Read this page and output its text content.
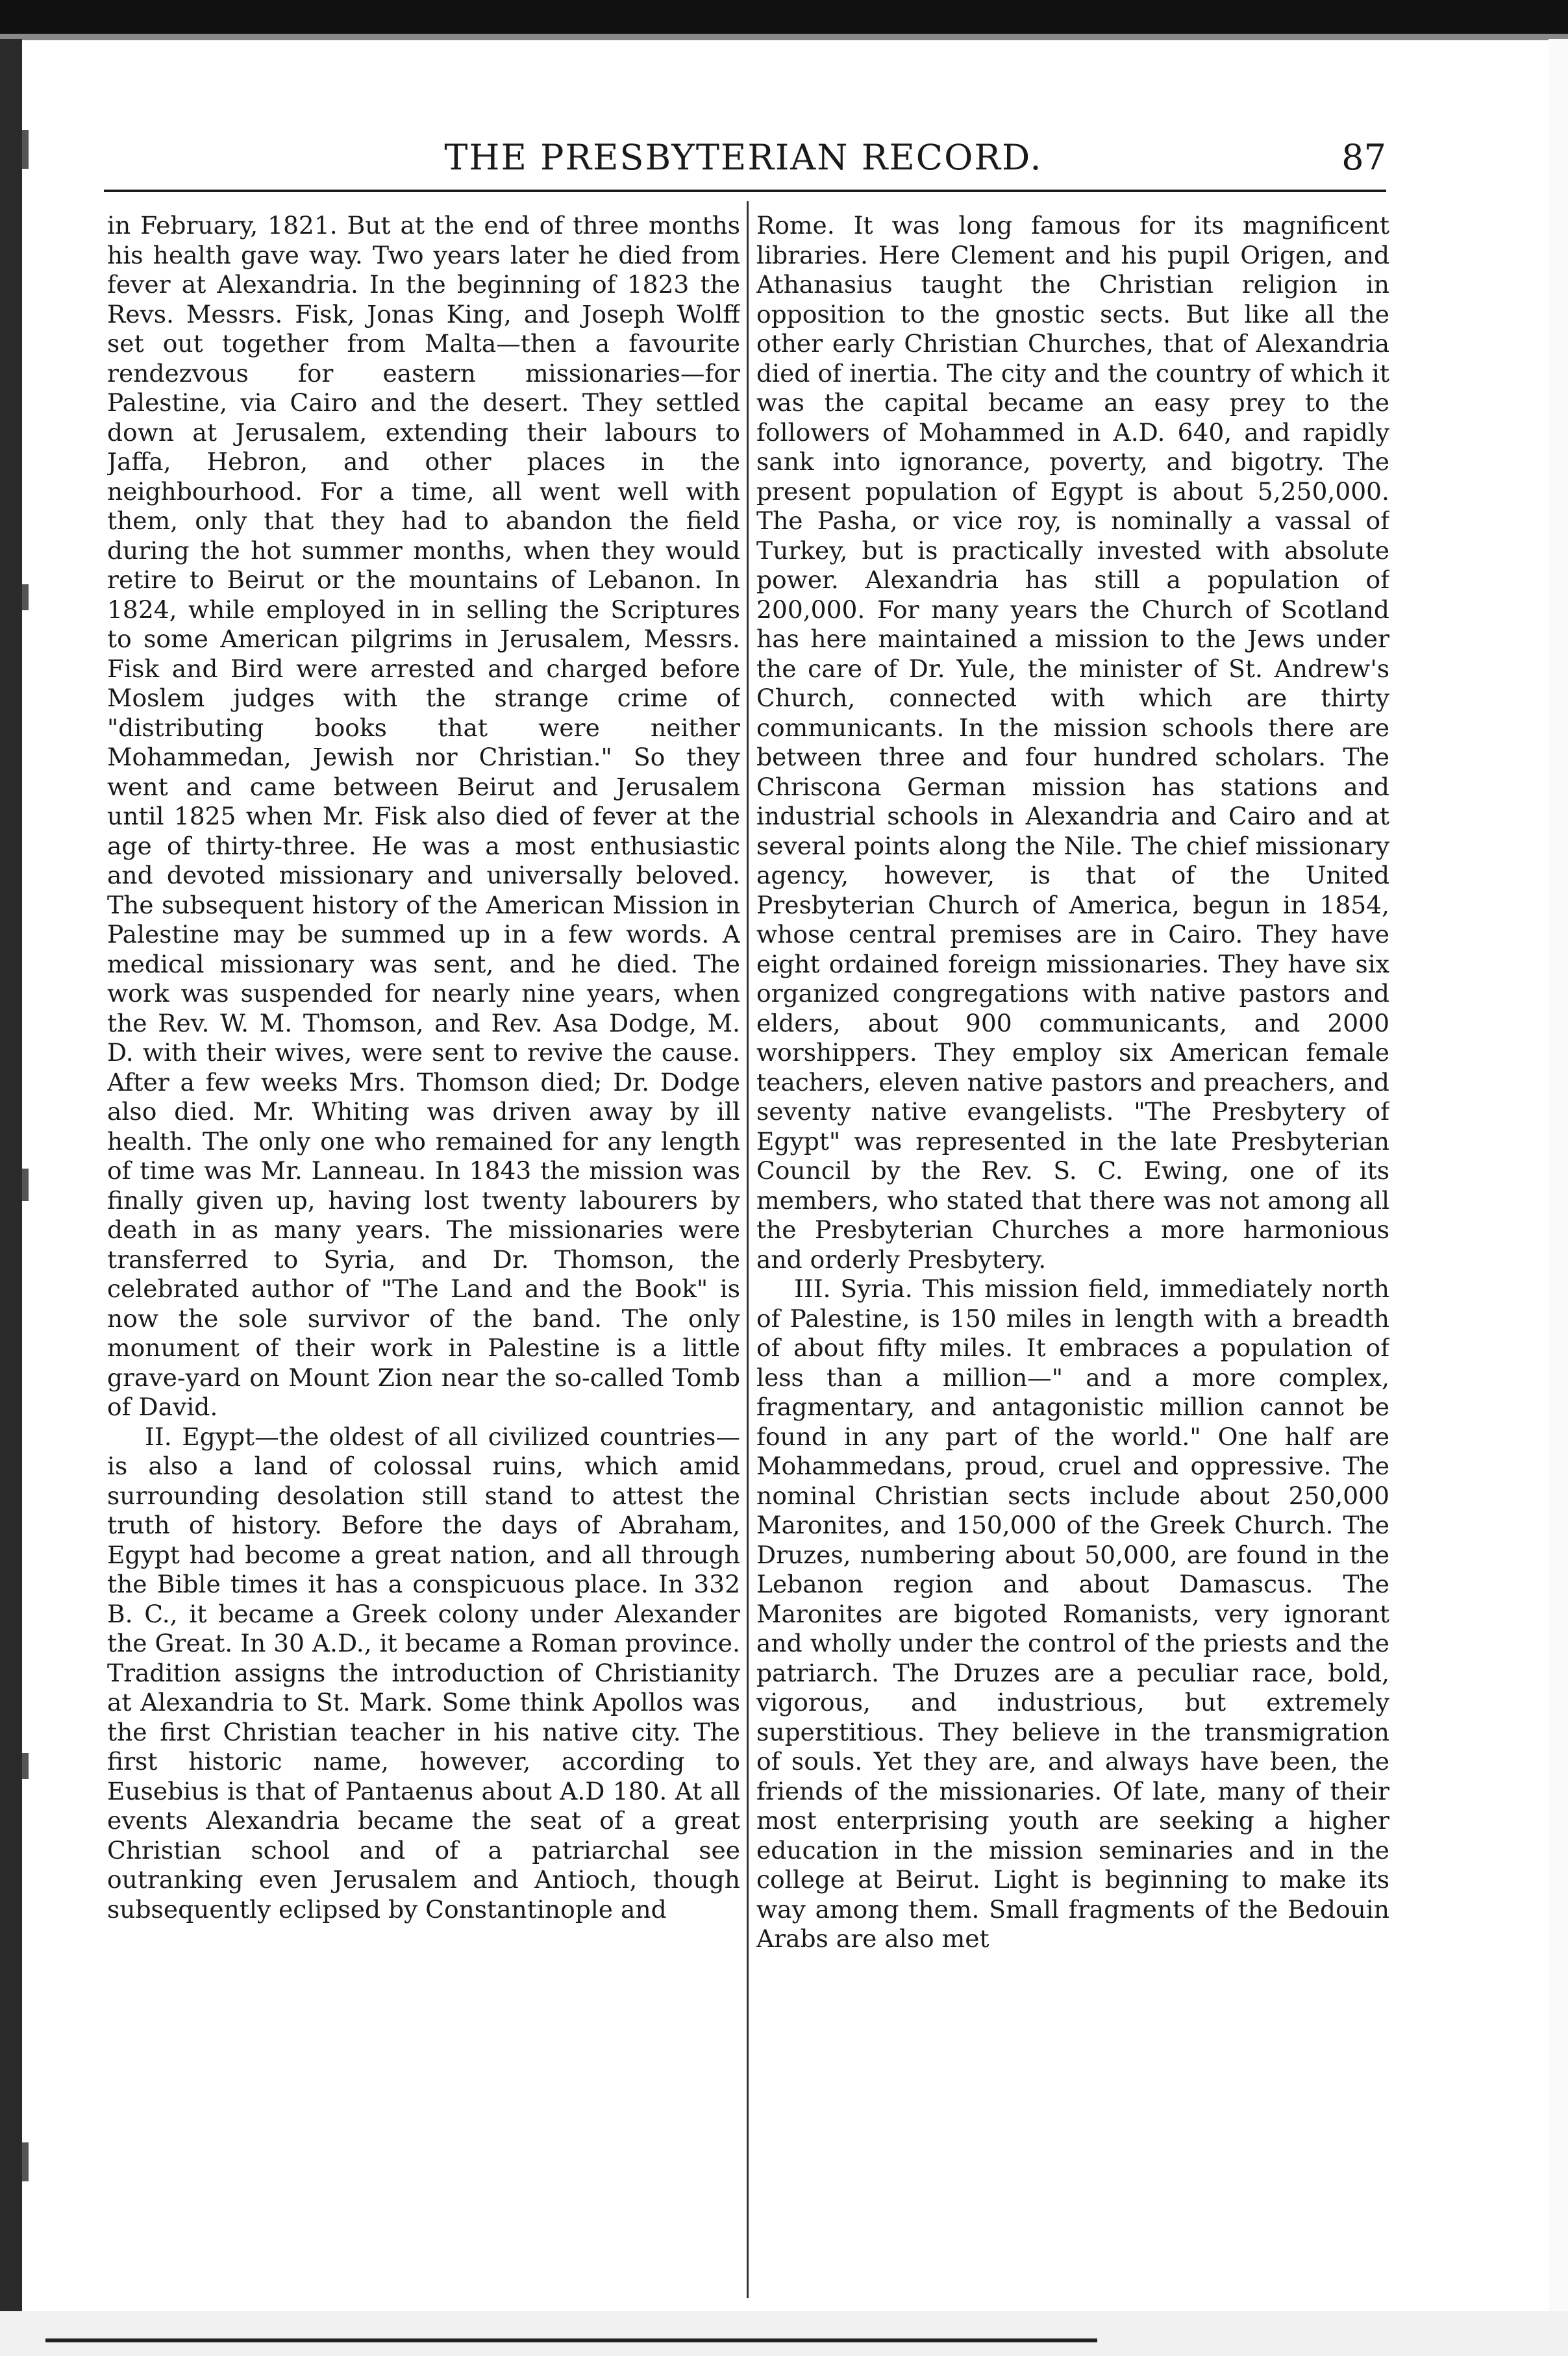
THE PRESBYTERIAN RECORD.	87

in February, 1821. But at the end of three months his health gave way. Two years later he died from fever at Alexandria. In the beginning of 1823 the Revs. Messrs. Fisk, Jonas King, and Joseph Wolff set out together from Malta—then a favourite rendezvous for eastern missionaries—for Palestine, via Cairo and the desert. They settled down at Jerusalem, extending their labours to Jaffa, Hebron, and other places in the neighbourhood. For a time, all went well with them, only that they had to abandon the field during the hot summer months, when they would retire to Beirut or the mountains of Lebanon. In 1824, while employed in in selling the Scriptures to some American pilgrims in Jerusalem, Messrs. Fisk and Bird were arrested and charged before Moslem judges with the strange crime of "distributing books that were neither Mohammedan, Jewish nor Christian." So they went and came between Beirut and Jerusalem until 1825 when Mr. Fisk also died of fever at the age of thirty-three. He was a most enthusiastic and devoted missionary and universally beloved. The subsequent history of the American Mission in Palestine may be summed up in a few words. A medical missionary was sent, and he died. The work was suspended for nearly nine years, when the Rev. W. M. Thomson, and Rev. Asa Dodge, M. D. with their wives, were sent to revive the cause. After a few weeks Mrs. Thomson died; Dr. Dodge also died. Mr. Whiting was driven away by ill health. The only one who remained for any length of time was Mr. Lanneau. In 1843 the mission was finally given up, having lost twenty labourers by death in as many years. The missionaries were transferred to Syria, and Dr. Thomson, the celebrated author of "The Land and the Book" is now the sole survivor of the band. The only monument of their work in Palestine is a little grave-yard on Mount Zion near the so-called Tomb of David.

II. Egypt—the oldest of all civilized countries—is also a land of colossal ruins, which amid surrounding desolation still stand to attest the truth of history. Before the days of Abraham, Egypt had become a great nation, and all through the Bible times it has a conspicuous place. In 332 B. C., it became a Greek colony under Alexander the Great. In 30 A.D., it became a Roman province. Tradition assigns the introduction of Christianity at Alexandria to St. Mark. Some think Apollos was the first Christian teacher in his native city. The first historic name, however, according to Eusebius is that of Pantaenus about A.D 180. At all events Alexandria became the seat of a great Christian school and of a patriarchal see outranking even Jerusalem and Antioch, though subsequently eclipsed by Constantinople and

Rome. It was long famous for its magnificent libraries. Here Clement and his pupil Origen, and Athanasius taught the Christian religion in opposition to the gnostic sects. But like all the other early Christian Churches, that of Alexandria died of inertia. The city and the country of which it was the capital became an easy prey to the followers of Mohammed in A.D. 640, and rapidly sank into ignorance, poverty, and bigotry. The present population of Egypt is about 5,250,000. The Pasha, or vice roy, is nominally a vassal of Turkey, but is practically invested with absolute power. Alexandria has still a population of 200,000. For many years the Church of Scotland has here maintained a mission to the Jews under the care of Dr. Yule, the minister of St. Andrew's Church, connected with which are thirty communicants. In the mission schools there are between three and four hundred scholars. The Chriscona German mission has stations and industrial schools in Alexandria and Cairo and at several points along the Nile. The chief missionary agency, however, is that of the United Presbyterian Church of America, begun in 1854, whose central premises are in Cairo. They have eight ordained foreign missionaries. They have six organized congregations with native pastors and elders, about 900 communicants, and 2000 worshippers. They employ six American female teachers, eleven native pastors and preachers, and seventy native evangelists. "The Presbytery of Egypt" was represented in the late Presbyterian Council by the Rev. S. C. Ewing, one of its members, who stated that there was not among all the Presbyterian Churches a more harmonious and orderly Presbytery.

III. Syria. This mission field, immediately north of Palestine, is 150 miles in length with a breadth of about fifty miles. It embraces a population of less than a million—" and a more complex, fragmentary, and antagonistic million cannot be found in any part of the world." One half are Mohammedans, proud, cruel and oppressive. The nominal Christian sects include about 250,000 Maronites, and 150,000 of the Greek Church. The Druzes, numbering about 50,000, are found in the Lebanon region and about Damascus. The Maronites are bigoted Romanists, very ignorant and wholly under the control of the priests and the patriarch. The Druzes are a peculiar race, bold, vigorous, and industrious, but extremely superstitious. They believe in the transmigration of souls. Yet they are, and always have been, the friends of the missionaries. Of late, many of their most enterprising youth are seeking a higher education in the mission seminaries and in the college at Beirut. Light is beginning to make its way among them. Small fragments of the Bedouin Arabs are also met
